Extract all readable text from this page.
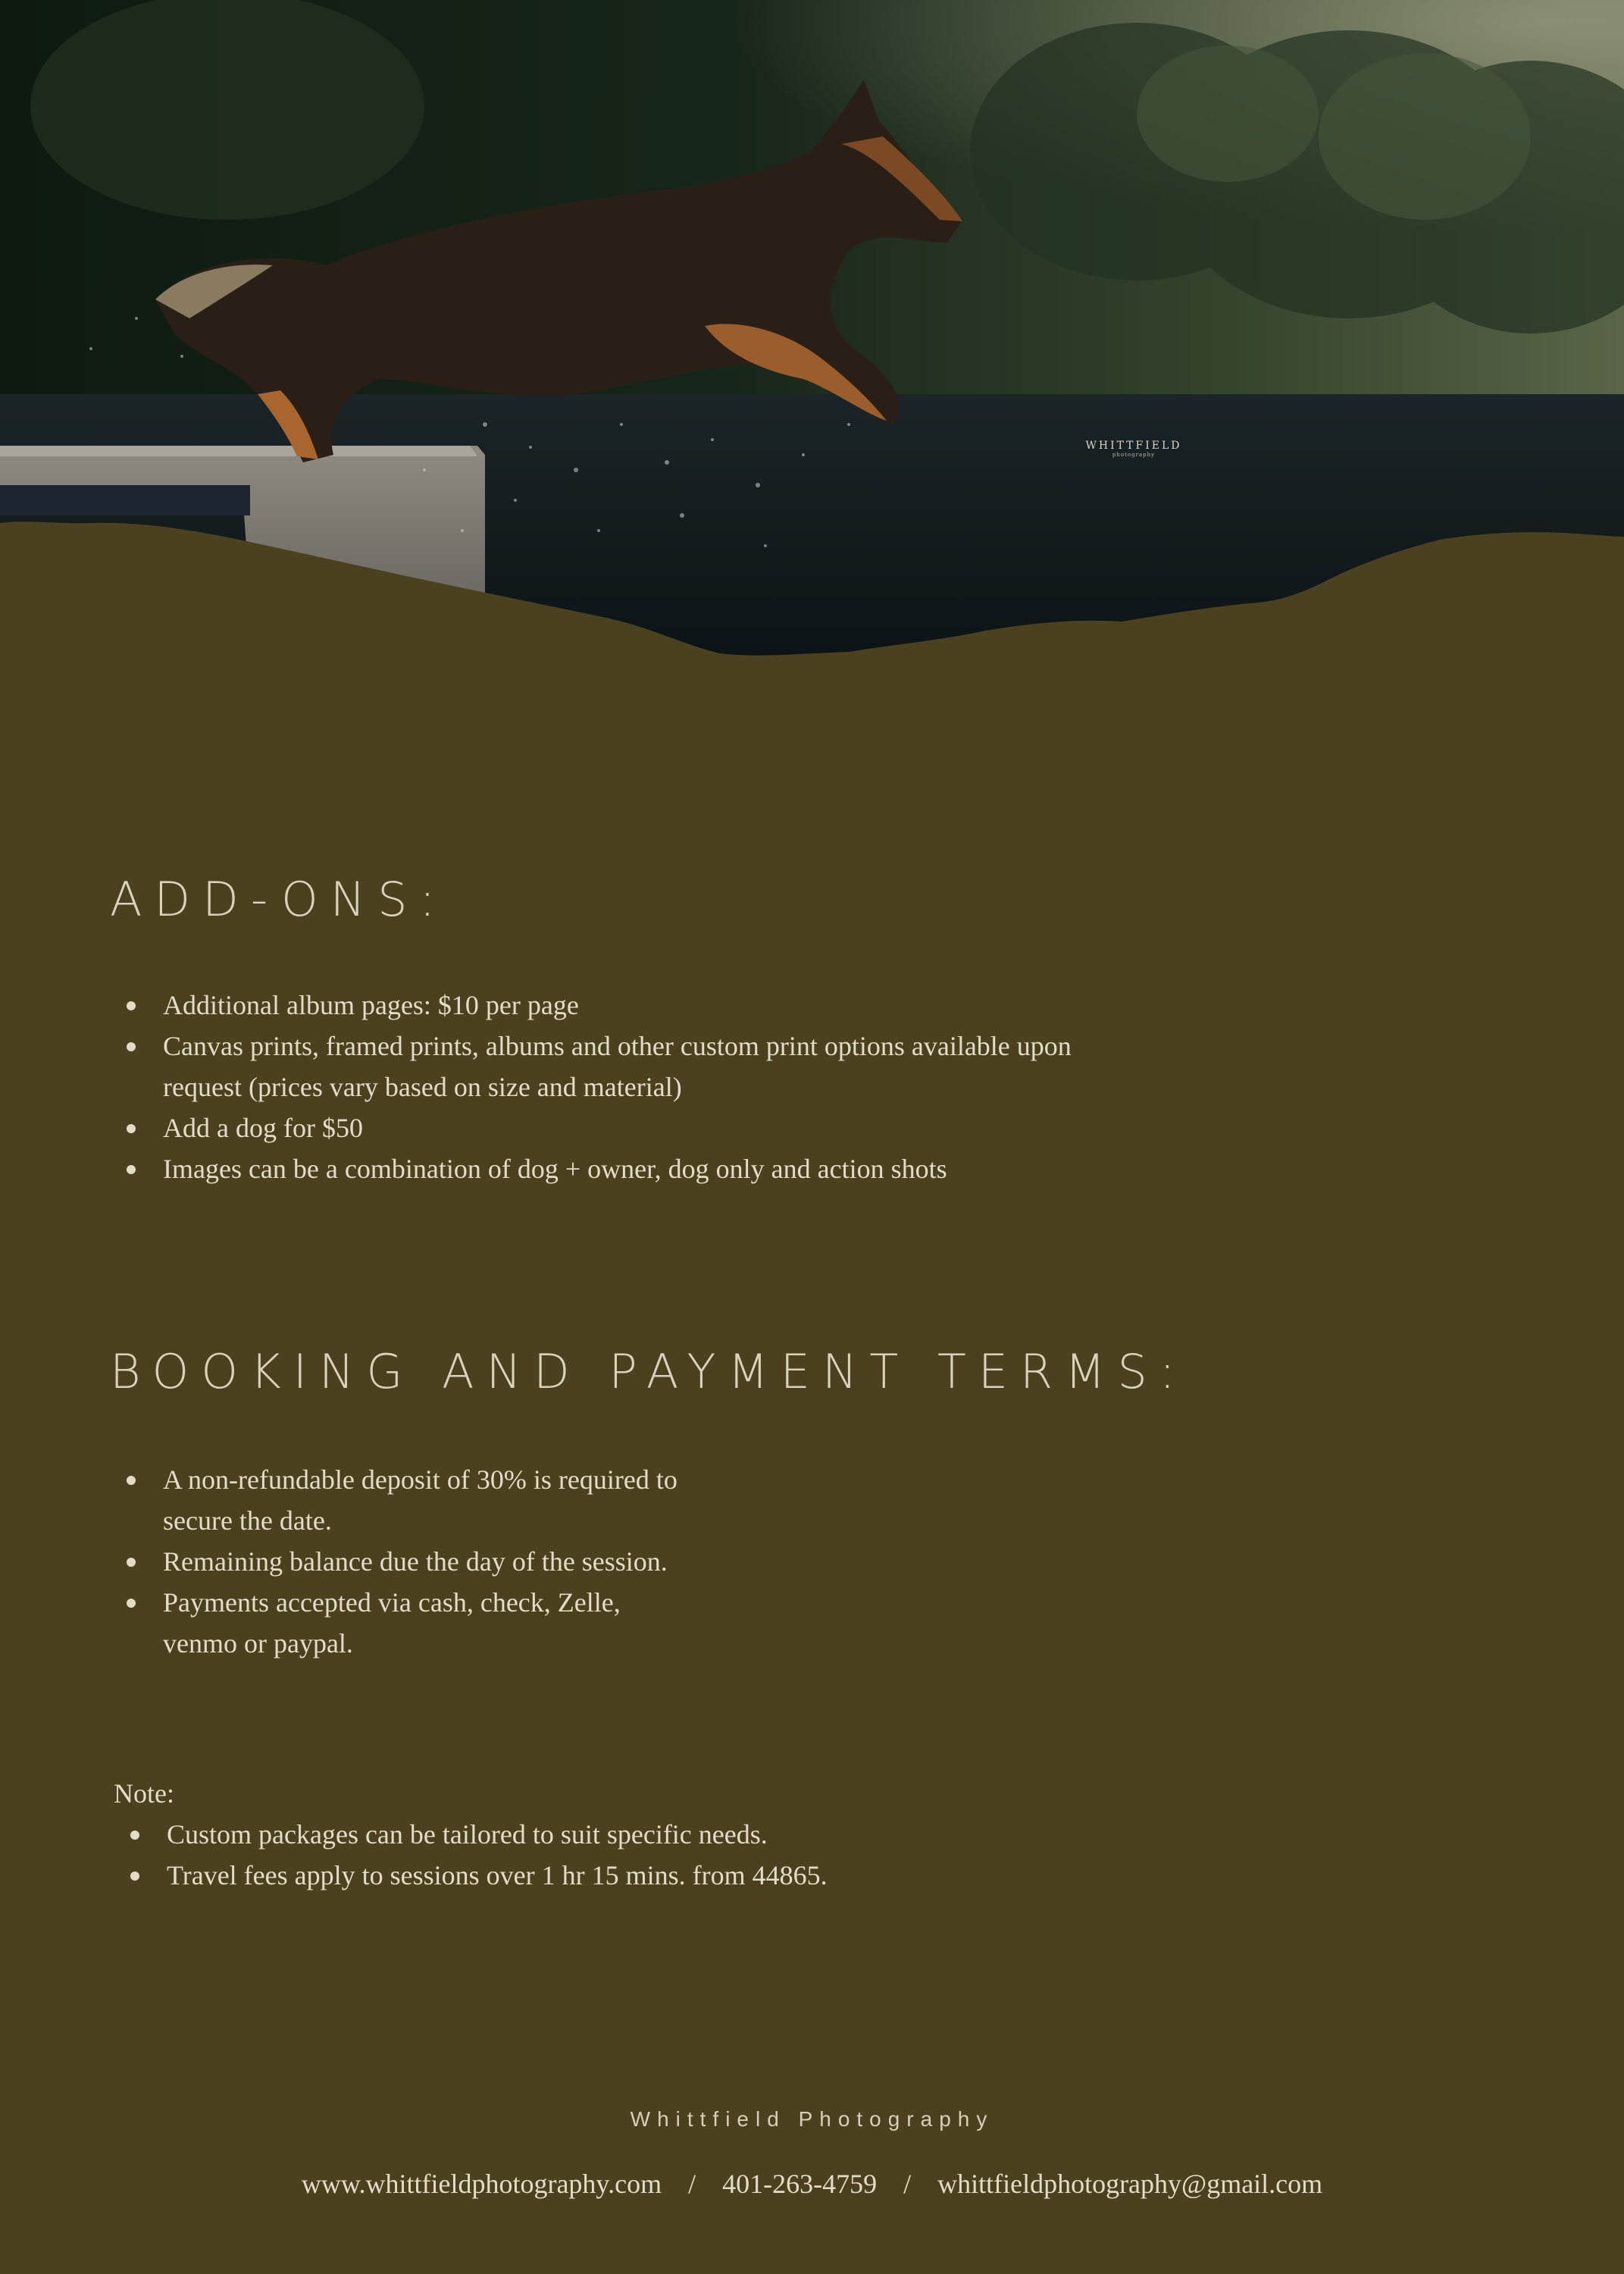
WHITTFIELD
photography
ADD-ONS:
Additional album pages: $10 per page
Canvas prints, framed prints, albums and other custom print options available upon request (prices vary based on size and material)
Add a dog for $50
Images can be a combination of dog + owner, dog only and action shots
BOOKING AND PAYMENT TERMS:
A non-refundable deposit of 30% is required to secure the date.
Remaining balance due the day of the session.
Payments accepted via cash, check, Zelle, venmo or paypal.
Note:
Custom packages can be tailored to suit specific needs.
Travel fees apply to sessions over 1 hr 15 mins. from 44865.
Whittfield Photography
www.whittfieldphotography.com / 401-263-4759 / whittfieldphotography@gmail.com
